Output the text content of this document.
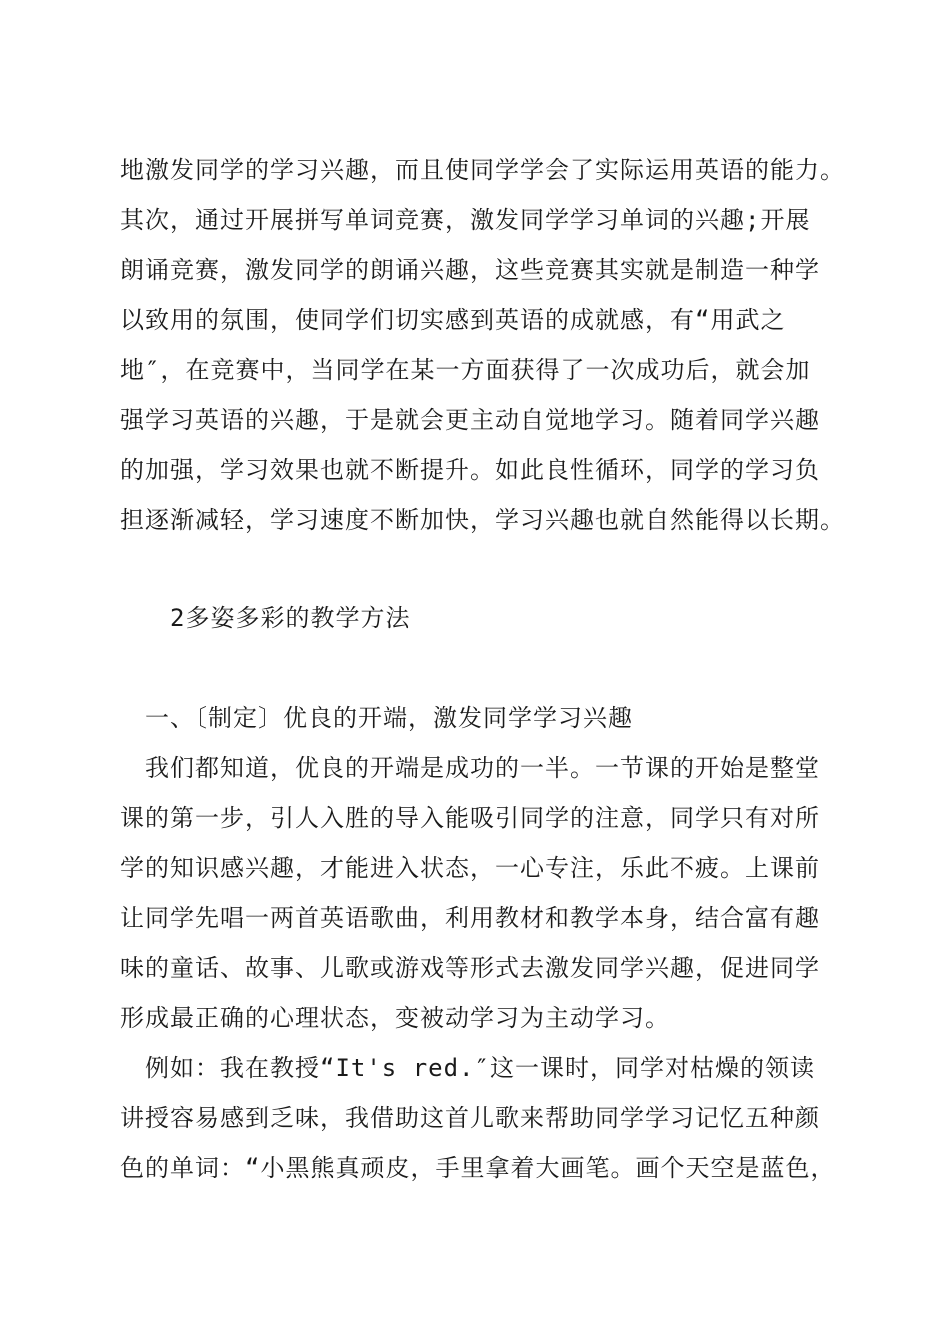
地激发同学的学习兴趣，而且使同学学会了实际运用英语的能力。
其次，通过开展拼写单词竞赛，激发同学学习单词的兴趣;开展
朗诵竞赛，激发同学的朗诵兴趣，这些竞赛其实就是制造一种学
以致用的氛围，使同学们切实感到英语的成就感，有“用武之
地″，在竞赛中，当同学在某一方面获得了一次成功后，就会加
强学习英语的兴趣，于是就会更主动自觉地学习。随着同学兴趣
的加强，学习效果也就不断提升。如此良性循环，同学的学习负
担逐渐减轻，学习速度不断加快，学习兴趣也就自然能得以长期。
2多姿多彩的教学方法
一、〔制定〕优良的开端，激发同学学习兴趣
我们都知道，优良的开端是成功的一半。一节课的开始是整堂
课的第一步，引人入胜的导入能吸引同学的注意，同学只有对所
学的知识感兴趣，才能进入状态，一心专注，乐此不疲。上课前
让同学先唱一两首英语歌曲，利用教材和教学本身，结合富有趣
味的童话、故事、儿歌或游戏等形式去激发同学兴趣，促进同学
形成最正确的心理状态，变被动学习为主动学习。
例如：我在教授“It's red.″这一课时，同学对枯燥的领读
讲授容易感到乏味，我借助这首儿歌来帮助同学学习记忆五种颜
色的单词：“小黑熊真顽皮，手里拿着大画笔。画个天空是蓝色，
